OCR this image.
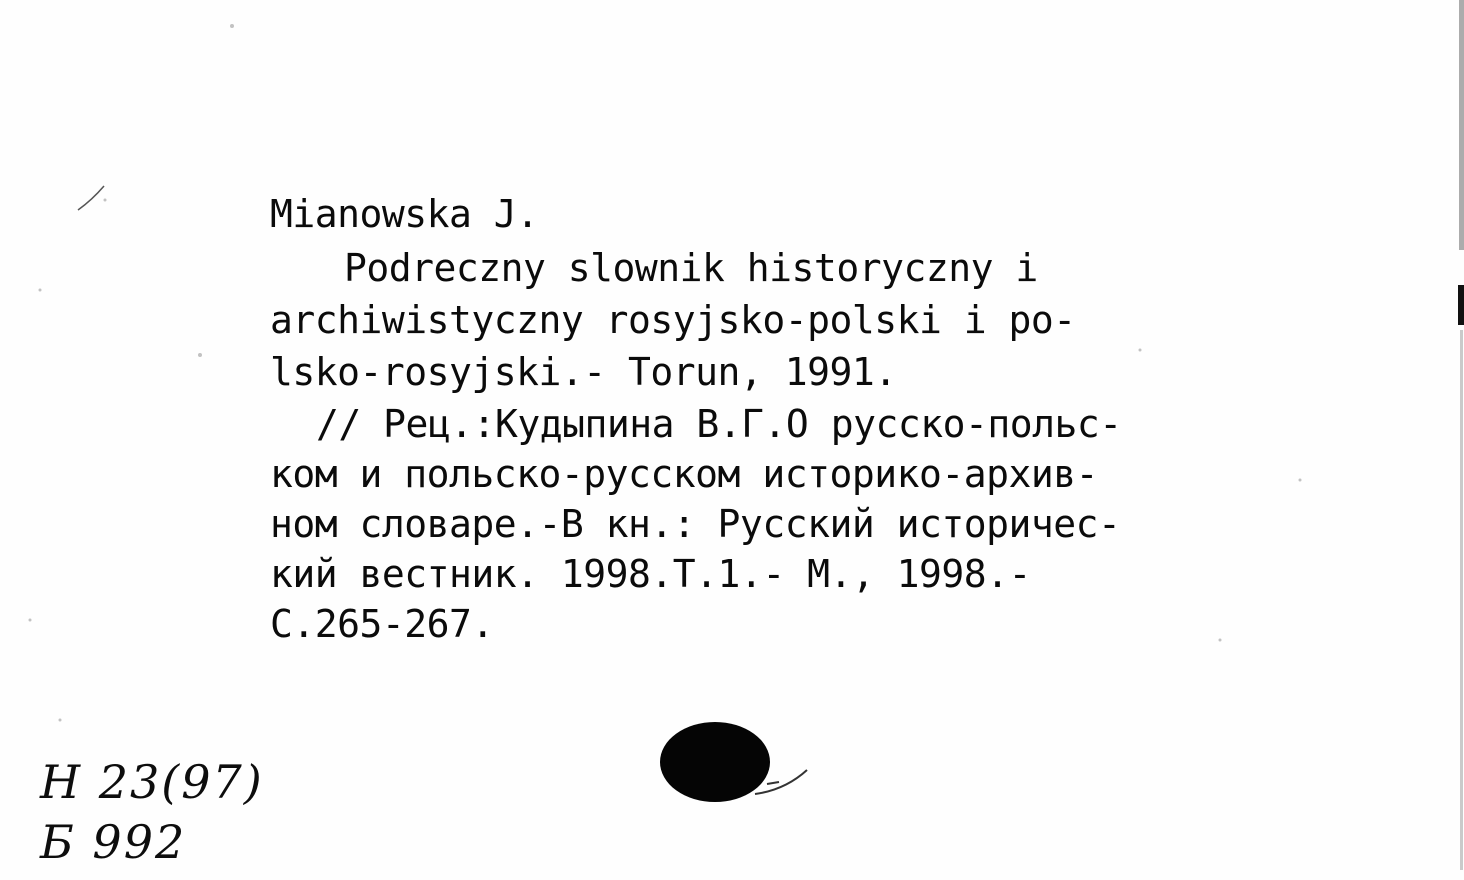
Mianowska J.
Podreczny slownik historyczny i
archiwistyczny rosyjsko-polski i po-
lsko-rosyjski.- Torun, 1991.
// Рец.:Кудыпина В.Г.О русско-польс-
ком и польско-русском историко-архив-
ном словаре.-В кн.: Русский историчес-
кий вестник. 1998.Т.1.- М., 1998.-
С.265-267.
Н 23(97)
Б 992
